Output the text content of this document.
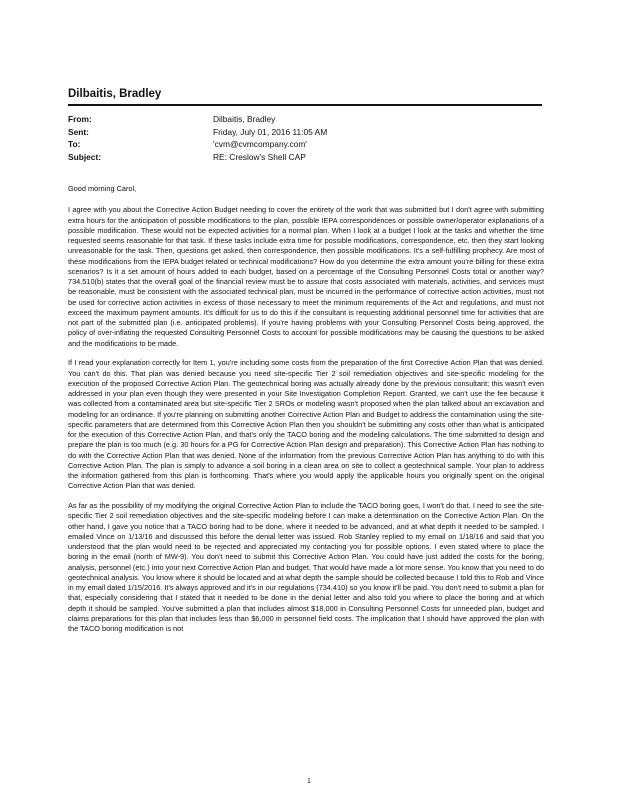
Dilbaitis, Bradley
From:	Dilbaitis, Bradley
Sent:	Friday, July 01, 2016 11:05 AM
To:	'cvm@cvmcompany.com'
Subject:	RE: Creslow's Shell CAP

Good morning Carol,

I agree with you about the Corrective Action Budget needing to cover the entirety of the work that was submitted but I don't agree with submitting extra hours for the anticipation of possible modifications to the plan, possible IEPA correspondences or possible owner/operator explanations of a possible modification. These would not be expected activities for a normal plan. When I look at a budget I look at the tasks and whether the time requested seems reasonable for that task. If these tasks include extra time for possible modifications, correspondence, etc. then they start looking unreasonable for the task. Then, questions get asked, then correspondence, then possible modifications. It's a self-fulfilling prophecy. Are most of these modifications from the IEPA budget related or technical modifications? How do you determine the extra amount you're billing for these extra scenarios? Is it a set amount of hours added to each budget, based on a percentage of the Consulting Personnel Costs total or another way? 734.510(b) states that the overall goal of the financial review must be to assure that costs associated with materials, activities, and services must be reasonable, must be consistent with the associated technical plan, must be incurred in the performance of corrective action activities, must not be used for corrective action activities in excess of those necessary to meet the minimum requirements of the Act and regulations, and must not exceed the maximum payment amounts. It's difficult for us to do this if the consultant is requesting additional personnel time for activities that are not part of the submitted plan (i.e. anticipated problems). If you're having problems with your Consulting Personnel Costs being approved, the policy of over-inflating the requested Consulting Personnel Costs to account for possible modifications may be causing the questions to be asked and the modifications to be made.

If I read your explanation correctly for Item 1, you're including some costs from the preparation of the first Corrective Action Plan that was denied. You can't do this. That plan was denied because you need site-specific Tier 2 soil remediation objectives and site-specific modeling for the execution of the proposed Corrective Action Plan. The geotechnical boring was actually already done by the previous consultant; this wasn't even addressed in your plan even though they were presented in your Site Investigation Completion Report. Granted, we can't use the fee because it was collected from a contaminated area but site-specific Tier 2 SROs or modeling wasn't proposed when the plan talked about an excavation and modeling for an ordinance. If you're planning on submitting another Corrective Action Plan and Budget to address the contamination using the site-specific parameters that are determined from this Corrective Action Plan then you shouldn't be submitting any costs other than what is anticipated for the execution of this Corrective Action Plan, and that's only the TACO boring and the modeling calculations. The time submitted to design and prepare the plan is too much (e.g. 30 hours for a PG for Corrective Action Plan design and preparation). This Corrective Action Plan has nothing to do with the Corrective Action Plan that was denied. None of the information from the previous Corrective Action Plan has anything to do with this Corrective Action Plan. The plan is simply to advance a soil boring in a clean area on site to collect a geotechnical sample. Your plan to address the information gathered from this plan is forthcoming. That's where you would apply the applicable hours you originally spent on the original Corrective Action Plan that was denied.

As far as the possibility of my modifying the original Corrective Action Plan to include the TACO boring goes, I won't do that. I need to see the site-specific Tier 2 soil remediation objectives and the site-specific modeling before I can make a determination on the Corrective Action Plan. On the other hand, I gave you notice that a TACO boring had to be done, where it needed to be advanced, and at what depth it needed to be sampled. I emailed Vince on 1/13/16 and discussed this before the denial letter was issued. Rob Stanley replied to my email on 1/18/16 and said that you understood that the plan would need to be rejected and appreciated my contacting you for possible options. I even stated where to place the boring in the email (north of MW-9). You don't need to submit this Corrective Action Plan. You could have just added the costs for the boring, analysis, personnel (etc.) into your next Corrective Action Plan and budget. That would have made a lot more sense. You know that you need to do geotechnical analysis. You know where it should be located and at what depth the sample should be collected because I told this to Rob and Vince in my email dated 1/15/2016. It's always approved and it's in our regulations (734.410) so you know it'll be paid. You don't need to submit a plan for that, especially considering that I stated that it needed to be done in the denial letter and also told you where to place the boring and at which depth it should be sampled. You've submitted a plan that includes almost $18,000 in Consulting Personnel Costs for unneeded plan, budget and claims preparations for this plan that includes less than $6,000 in personnel field costs. The implication that I should have approved the plan with the TACO boring modification is not

1
